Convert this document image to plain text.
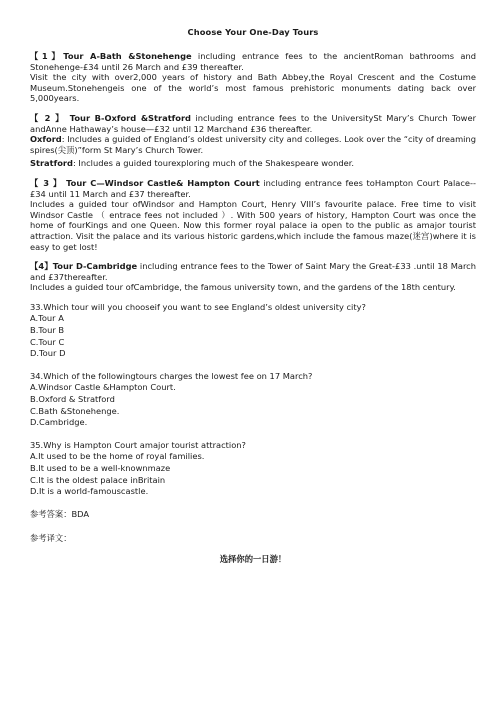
Choose Your One-Day Tours

【1】Tour A-Bath &Stonehenge including entrance fees to the ancientRoman bathrooms and Stonehenge-£34 until 26 March and £39 thereafter.

Visit the city with over2,000 years of history and Bath Abbey,the Royal Crescent and the Costume Museum.Stonehengeis one of the world’s most famous prehistoric monuments dating back over 5,000years.

【 2 】 Tour B-Oxford &Stratford including entrance fees to the UniversitySt Mary’s Church Tower andAnne Hathaway’s house—£32 until 12 Marchand £36 thereafter.

Oxford: Includes a guided of England’s oldest university city and colleges. Look over the “city of dreaming spires(尖顶)”form St Mary’s Church Tower.

Stratford: Includes a guided tourexploring much of the Shakespeare wonder.

【 3 】 Tour C—Windsor Castle& Hampton Court including entrance fees toHampton Court Palace--£34 until 11 March and £37 thereafter.

Includes a guided tour ofWindsor and Hampton Court, Henry VIII’s favourite palace. Free time to visit Windsor Castle （ entrace fees not included ）. With 500 years of history, Hampton Court was once the home of fourKings and one Queen. Now this former royal palace ia open to the public as amajor tourist attraction. Visit the palace and its various historic gardens,which include the famous maze(迷宫)where it is easy to get lost!

【4】Tour D-Cambridge including entrance fees to the Tower of Saint Mary the Great-£33 .until 18 March and £37thereafter.

Includes a guided tour ofCambridge, the famous university town, and the gardens of the 18th century.

33.Which tour will you chooseif you want to see England’s oldest university city?

A.Tour A

B.Tour B

C.Tour C

D.Tour D

34.Which of the followingtours charges the lowest fee on 17 March?

A.Windsor Castle &Hampton Court.

B.Oxford & Stratford

C.Bath &Stonehenge.

D.Cambridge.

35.Why is Hampton Court amajor tourist attraction?

A.It used to be the home of royal families.

B.It used to be a well-knownmaze

C.It is the oldest palace inBritain

D.It is a world-famouscastle.

参考答案：BDA

参考译文：

选择你的一日游！
